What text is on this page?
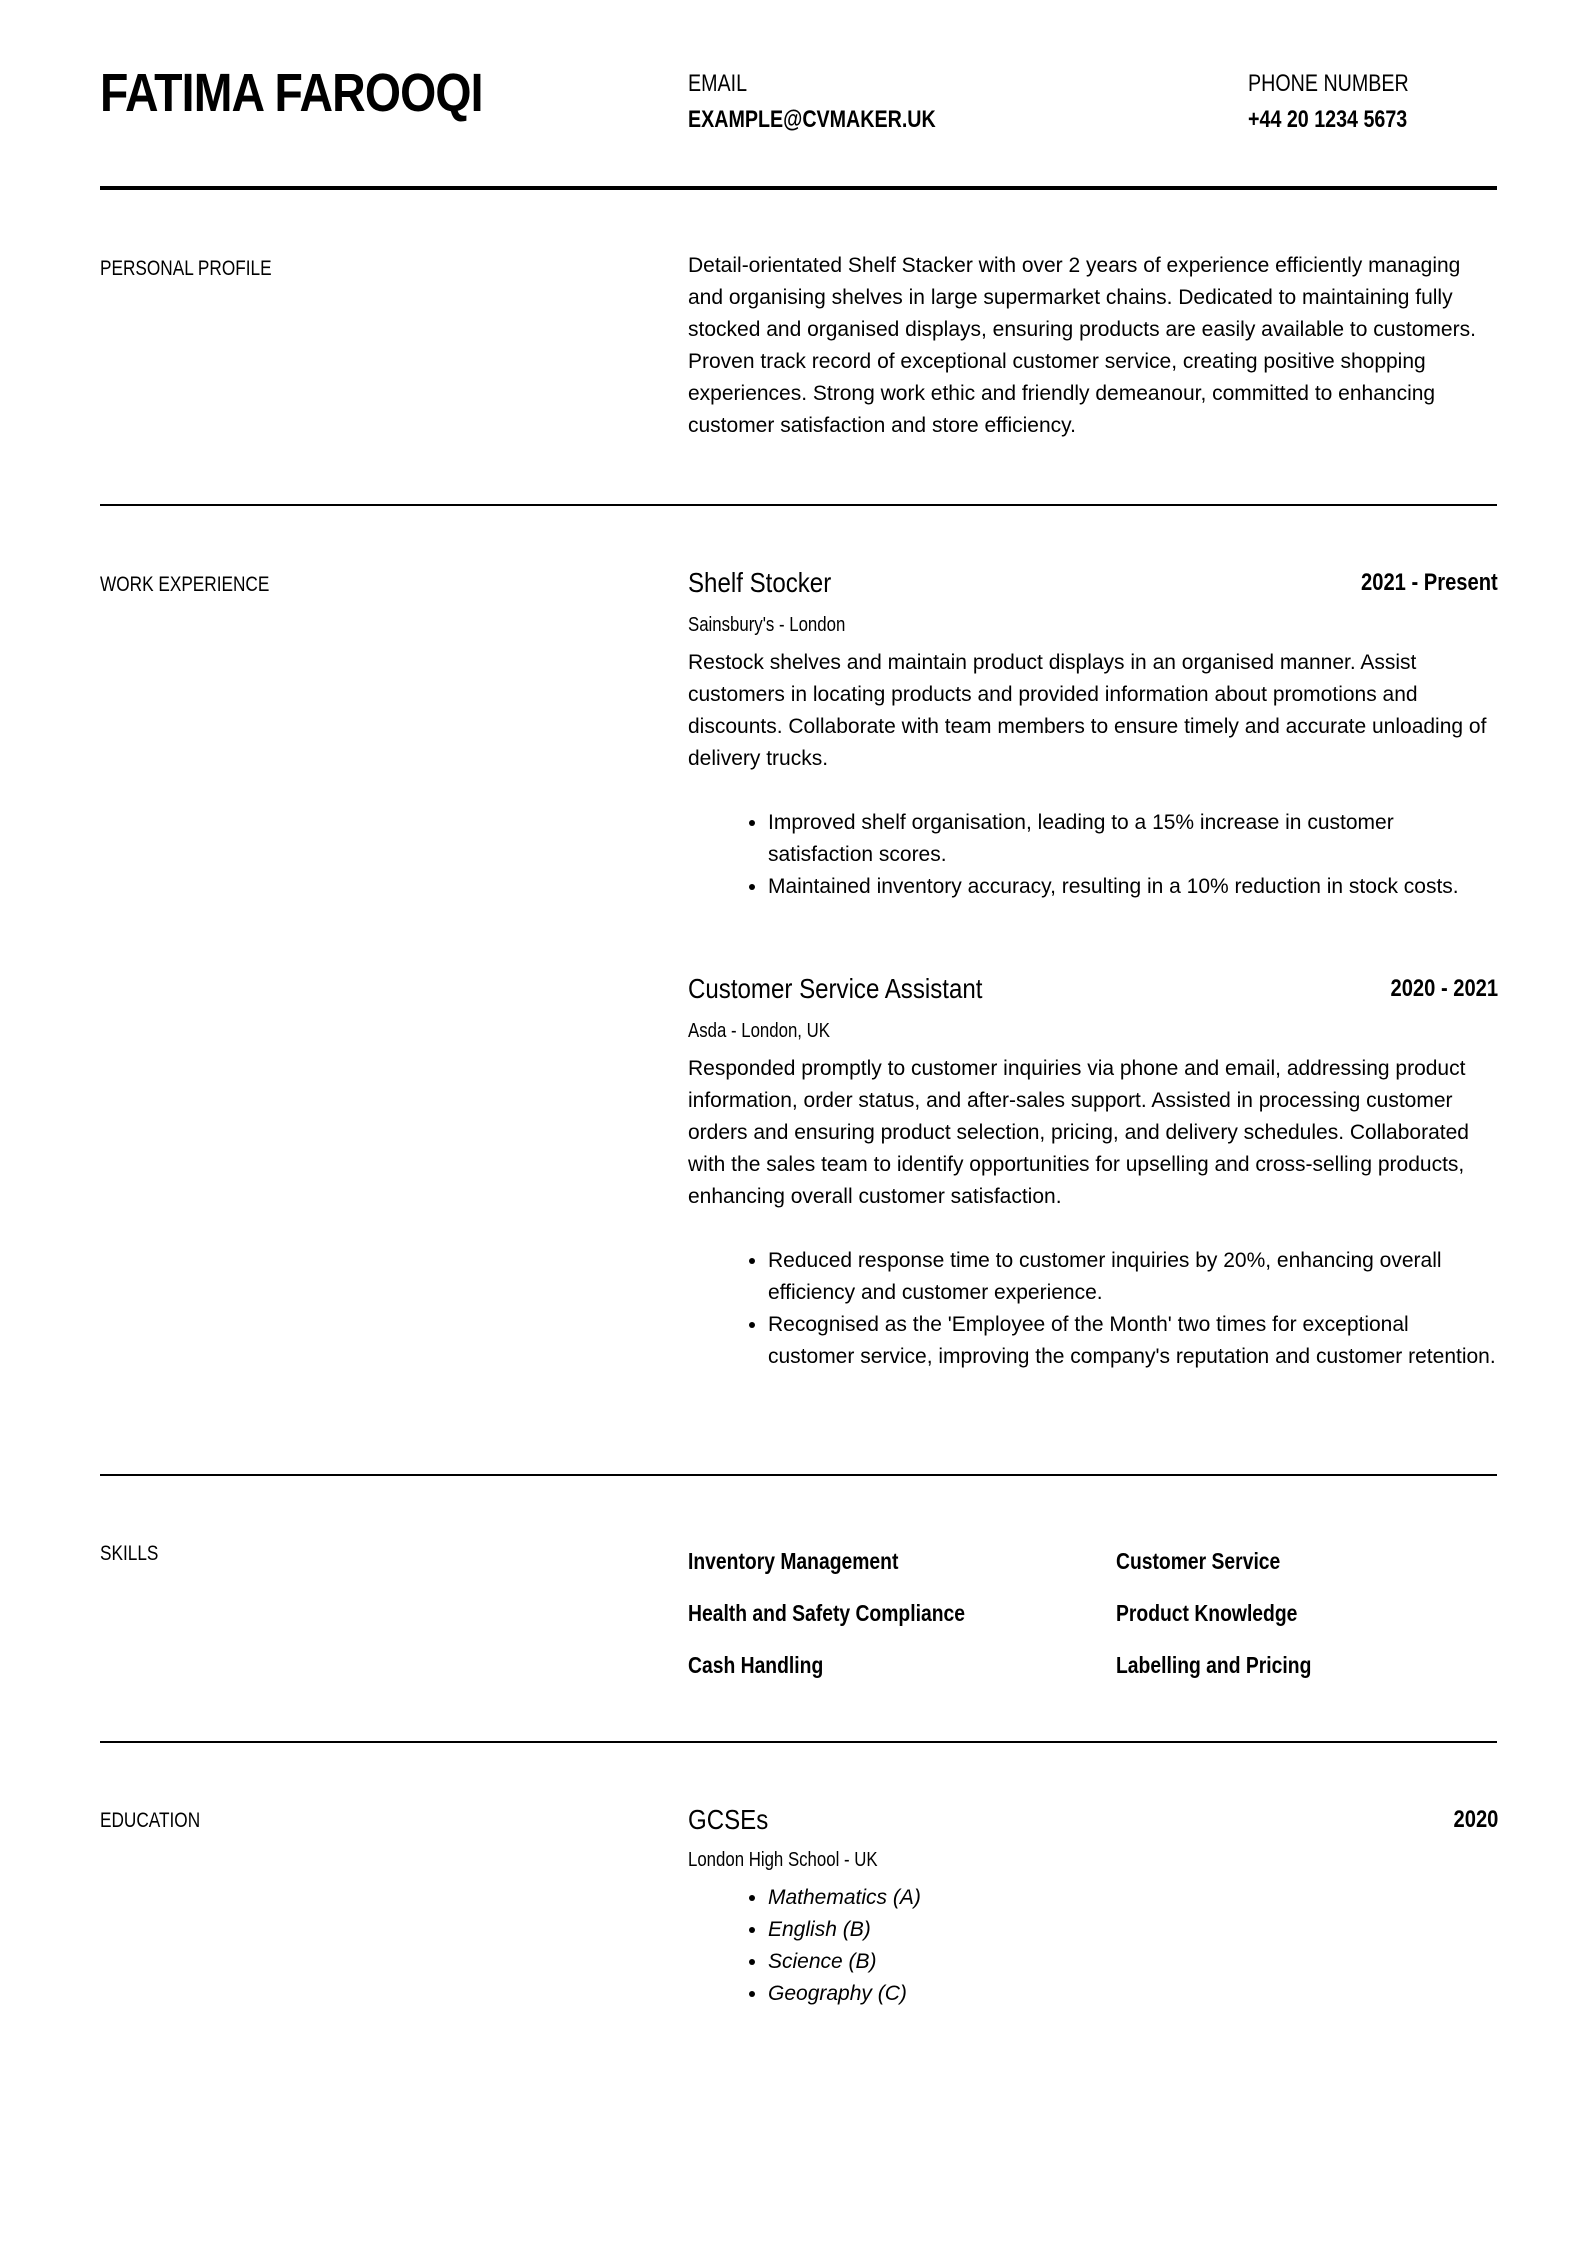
FATIMA FAROOQI	EMAIL
EXAMPLE@CVMAKER.UK
PHONE NUMBER
+44 20 1234 5673
PERSONAL PROFILE	Detail-orientated Shelf Stacker with over 2 years of experience efficiently managing and organising shelves in large supermarket chains. Dedicated to maintaining fully stocked and organised displays, ensuring products are easily available to customers. Proven track record of exceptional customer service, creating positive shopping experiences. Strong work ethic and friendly demeanour, committed to enhancing customer satisfaction and store efficiency.
WORK EXPERIENCE	Shelf Stocker	2021 - Present
Sainsbury's - London
Restock shelves and maintain product displays in an organised manner. Assist customers in locating products and provided information about promotions and discounts. Collaborate with team members to ensure timely and accurate unloading of delivery trucks.
• Improved shelf organisation, leading to a 15% increase in customer satisfaction scores.
• Maintained inventory accuracy, resulting in a 10% reduction in stock costs.
Customer Service Assistant	2020 - 2021
Asda - London, UK
Responded promptly to customer inquiries via phone and email, addressing product information, order status, and after-sales support. Assisted in processing customer orders and ensuring product selection, pricing, and delivery schedules. Collaborated with the sales team to identify opportunities for upselling and cross-selling products, enhancing overall customer satisfaction.
• Reduced response time to customer inquiries by 20%, enhancing overall efficiency and customer experience.
• Recognised as the 'Employee of the Month' two times for exceptional customer service, improving the company's reputation and customer retention.
SKILLS	Inventory Management	Customer Service
Health and Safety Compliance	Product Knowledge
Cash Handling	Labelling and Pricing
EDUCATION	GCSEs	2020
London High School - UK
• Mathematics (A)
• English (B)
• Science (B)
• Geography (C)
